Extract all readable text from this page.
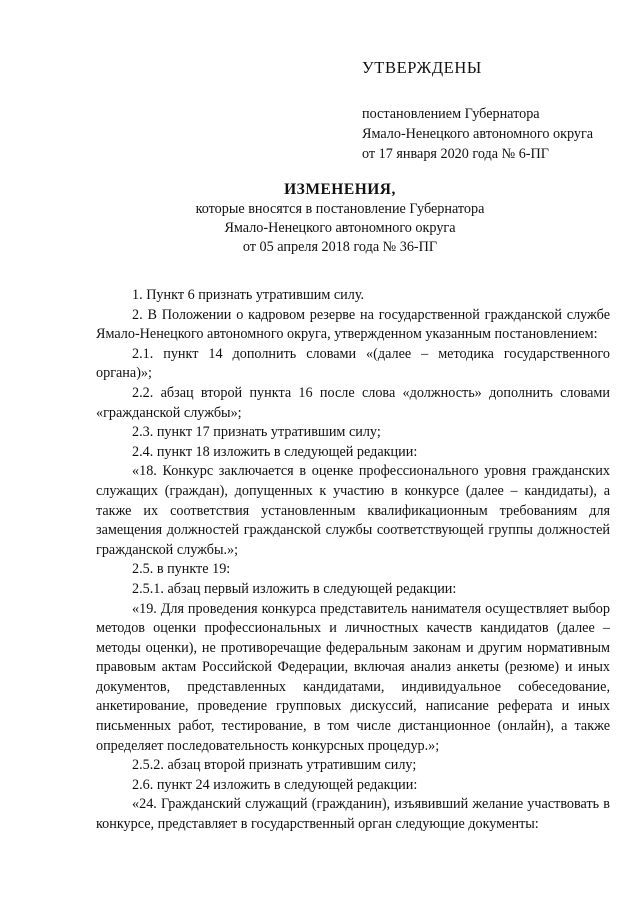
УТВЕРЖДЕНЫ

постановлением Губернатора

Ямало-Ненецкого автономного округа

от 17 января 2020 года № 6-ПГ

ИЗМЕНЕНИЯ,

которые вносятся в постановление Губернатора

Ямало-Ненецкого автономного округа

от 05 апреля 2018 года № 36-ПГ

1. Пункт 6 признать утратившим силу.

2. В Положении о кадровом резерве на государственной гражданской службе Ямало-Ненецкого автономного округа, утвержденном указанным постановлением:

2.1. пункт 14 дополнить словами «(далее – методика государственного органа)»;

2.2. абзац второй пункта 16 после слова «должность» дополнить словами «гражданской службы»;

2.3. пункт 17 признать утратившим силу;

2.4. пункт 18 изложить в следующей редакции:

«18. Конкурс заключается в оценке профессионального уровня гражданских служащих (граждан), допущенных к участию в конкурсе (далее – кандидаты), а также их соответствия установленным квалификационным требованиям для замещения должностей гражданской службы соответствующей группы должностей гражданской службы.»;

2.5. в пункте 19:

2.5.1. абзац первый изложить в следующей редакции:

«19. Для проведения конкурса представитель нанимателя осуществляет выбор методов оценки профессиональных и личностных качеств кандидатов (далее – методы оценки), не противоречащие федеральным законам и другим нормативным правовым актам Российской Федерации, включая анализ анкеты (резюме) и иных документов, представленных кандидатами, индивидуальное собеседование, анкетирование, проведение групповых дискуссий, написание реферата и иных письменных работ, тестирование, в том числе дистанционное (онлайн), а также определяет последовательность конкурсных процедур.»;

2.5.2. абзац второй признать утратившим силу;

2.6. пункт 24 изложить в следующей редакции:

«24. Гражданский служащий (гражданин), изъявивший желание участвовать в конкурсе, представляет в государственный орган следующие документы:
